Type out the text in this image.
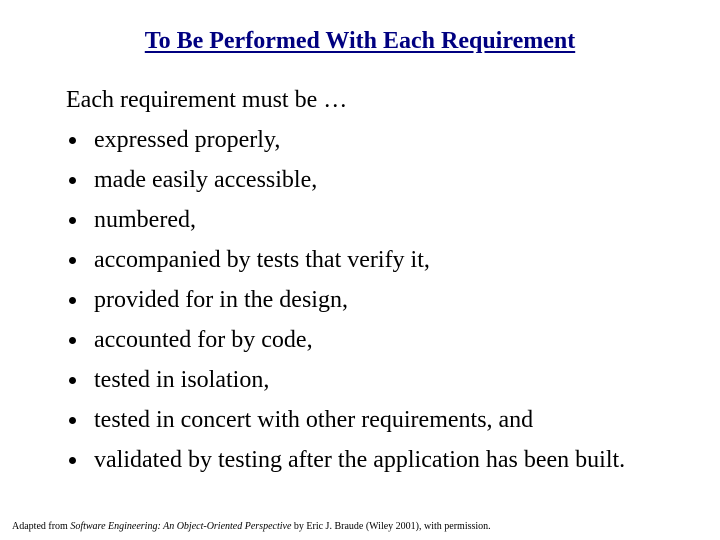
To Be Performed With Each Requirement

Each requirement must be …

expressed properly,
made easily accessible,
numbered,
accompanied by tests that verify it,
provided for in the design,
accounted for by code,
tested in isolation,
tested in concert with other requirements, and
validated by testing after the application has been built.

Adapted from Software Engineering: An Object-Oriented Perspective by Eric J. Braude (Wiley 2001), with permission.
